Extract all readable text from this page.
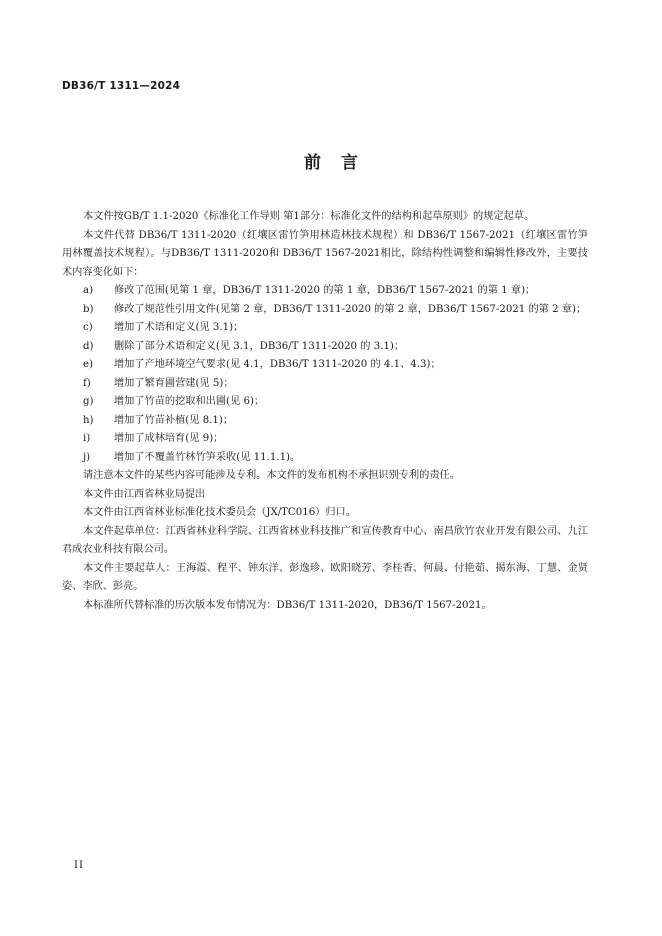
DB36/T 1311—2024
前言

本文件按GB/T 1.1-2020《标准化工作导则 第1部分：标准化文件的结构和起草原则》的规定起草。

本文件代替 DB36/T 1311-2020（红壤区雷竹笋用林造林技术规程）和 DB36/T 1567-2021（红壤区雷竹笋用林覆盖技术规程）。与DB36/T 1311-2020和 DB36/T 1567-2021相比，除结构性调整和编辑性修改外，主要技术内容变化如下：

a)	修改了范围(见第 1 章，DB36/T 1311-2020 的第 1 章，DB36/T 1567-2021 的第 1 章)；
b)	修改了规范性引用文件(见第 2 章，DB36/T 1311-2020 的第 2 章，DB36/T 1567-2021 的第 2 章)；
c)	增加了术语和定义(见 3.1)；
d)	删除了部分术语和定义(见 3.1，DB36/T 1311-2020 的 3.1)；
e)	增加了产地环境空气要求(见 4.1，DB36/T 1311-2020 的 4.1、4.3)；
f)	增加了繁育圃营建(见 5)；
g)	增加了竹苗的挖取和出圃(见 6)；
h)	增加了竹苗补植(见 8.1)；
i)	增加了成林培育(见 9)；
j)	增加了不覆盖竹林竹笋采收(见 11.1.1)。

请注意本文件的某些内容可能涉及专利。本文件的发布机构不承担识别专利的责任。

本文件由江西省林业局提出

本文件由江西省林业标准化技术委员会（JX/TC016）归口。

本文件起草单位：江西省林业科学院、江西省林业科技推广和宣传教育中心、南昌欣竹农业开发有限公司、九江君成农业科技有限公司。

本文件主要起草人：王海霞、程平、钟东洋、彭逸珍、欧阳晓芳、李桂香、何晨、付艳茹、揭东海、丁慧、金贤姿、李欣、彭亮。

本标准所代替标准的历次版本发布情况为：DB36/T 1311-2020，DB36/T 1567-2021。

II
